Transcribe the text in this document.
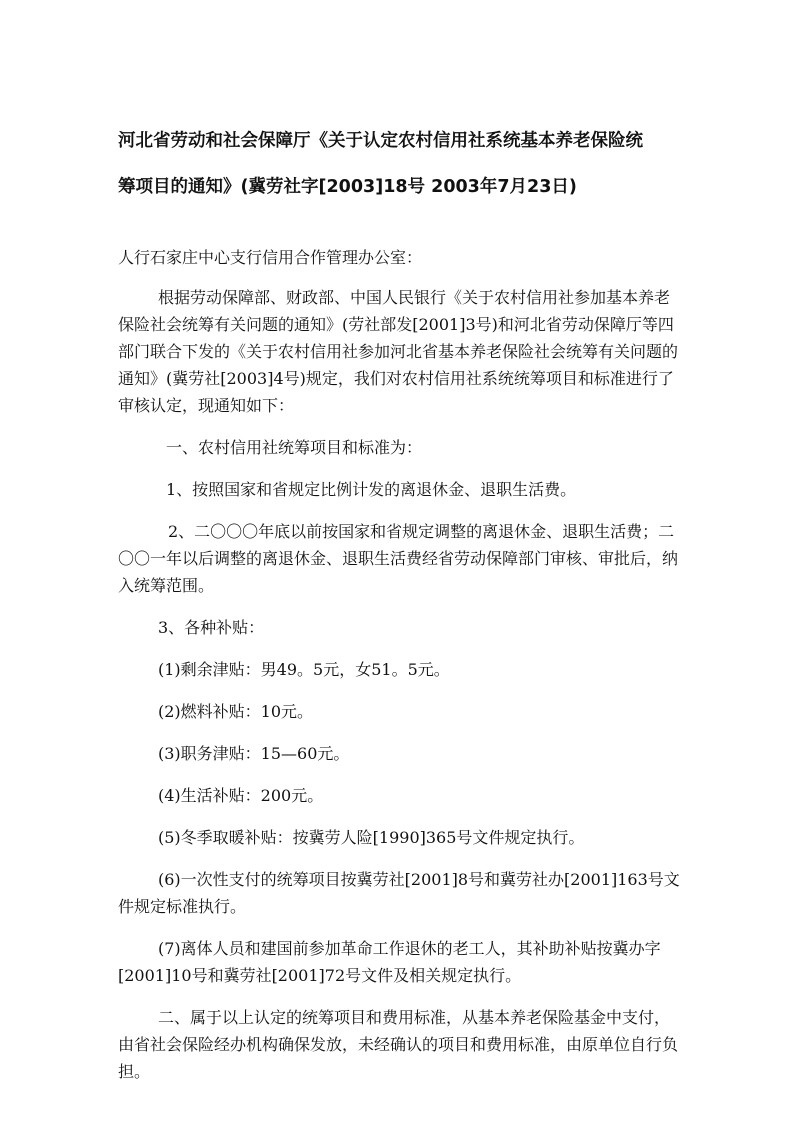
河北省劳动和社会保障厅《关于认定农村信用社系统基本养老保险统
筹项目的通知》(冀劳社字[2003]18号 2003年7月23日)

人行石家庄中心支行信用合作管理办公室：

根据劳动保障部、财政部、中国人民银行《关于农村信用社参加基本养老保险社会统筹有关问题的通知》(劳社部发[2001]3号)和河北省劳动保障厅等四部门联合下发的《关于农村信用社参加河北省基本养老保险社会统筹有关问题的通知》(冀劳社[2003]4号)规定，我们对农村信用社系统统筹项目和标准进行了审核认定，现通知如下：

一、农村信用社统筹项目和标准为：

1、按照国家和省规定比例计发的离退休金、退职生活费。

2、二〇〇〇年底以前按国家和省规定调整的离退休金、退职生活费；二〇〇一年以后调整的离退休金、退职生活费经省劳动保障部门审核、审批后，纳入统筹范围。

3、各种补贴：

(1)剩余津贴：男49。5元，女51。5元。

(2)燃料补贴：10元。

(3)职务津贴：15—60元。

(4)生活补贴：200元。

(5)冬季取暖补贴：按冀劳人险[1990]365号文件规定执行。

(6)一次性支付的统筹项目按冀劳社[2001]8号和冀劳社办[2001]163号文件规定标准执行。

(7)离体人员和建国前参加革命工作退休的老工人，其补助补贴按冀办字[2001]10号和冀劳社[2001]72号文件及相关规定执行。

二、属于以上认定的统筹项目和费用标准，从基本养老保险基金中支付，由省社会保险经办机构确保发放，未经确认的项目和费用标准，由原单位自行负担。
